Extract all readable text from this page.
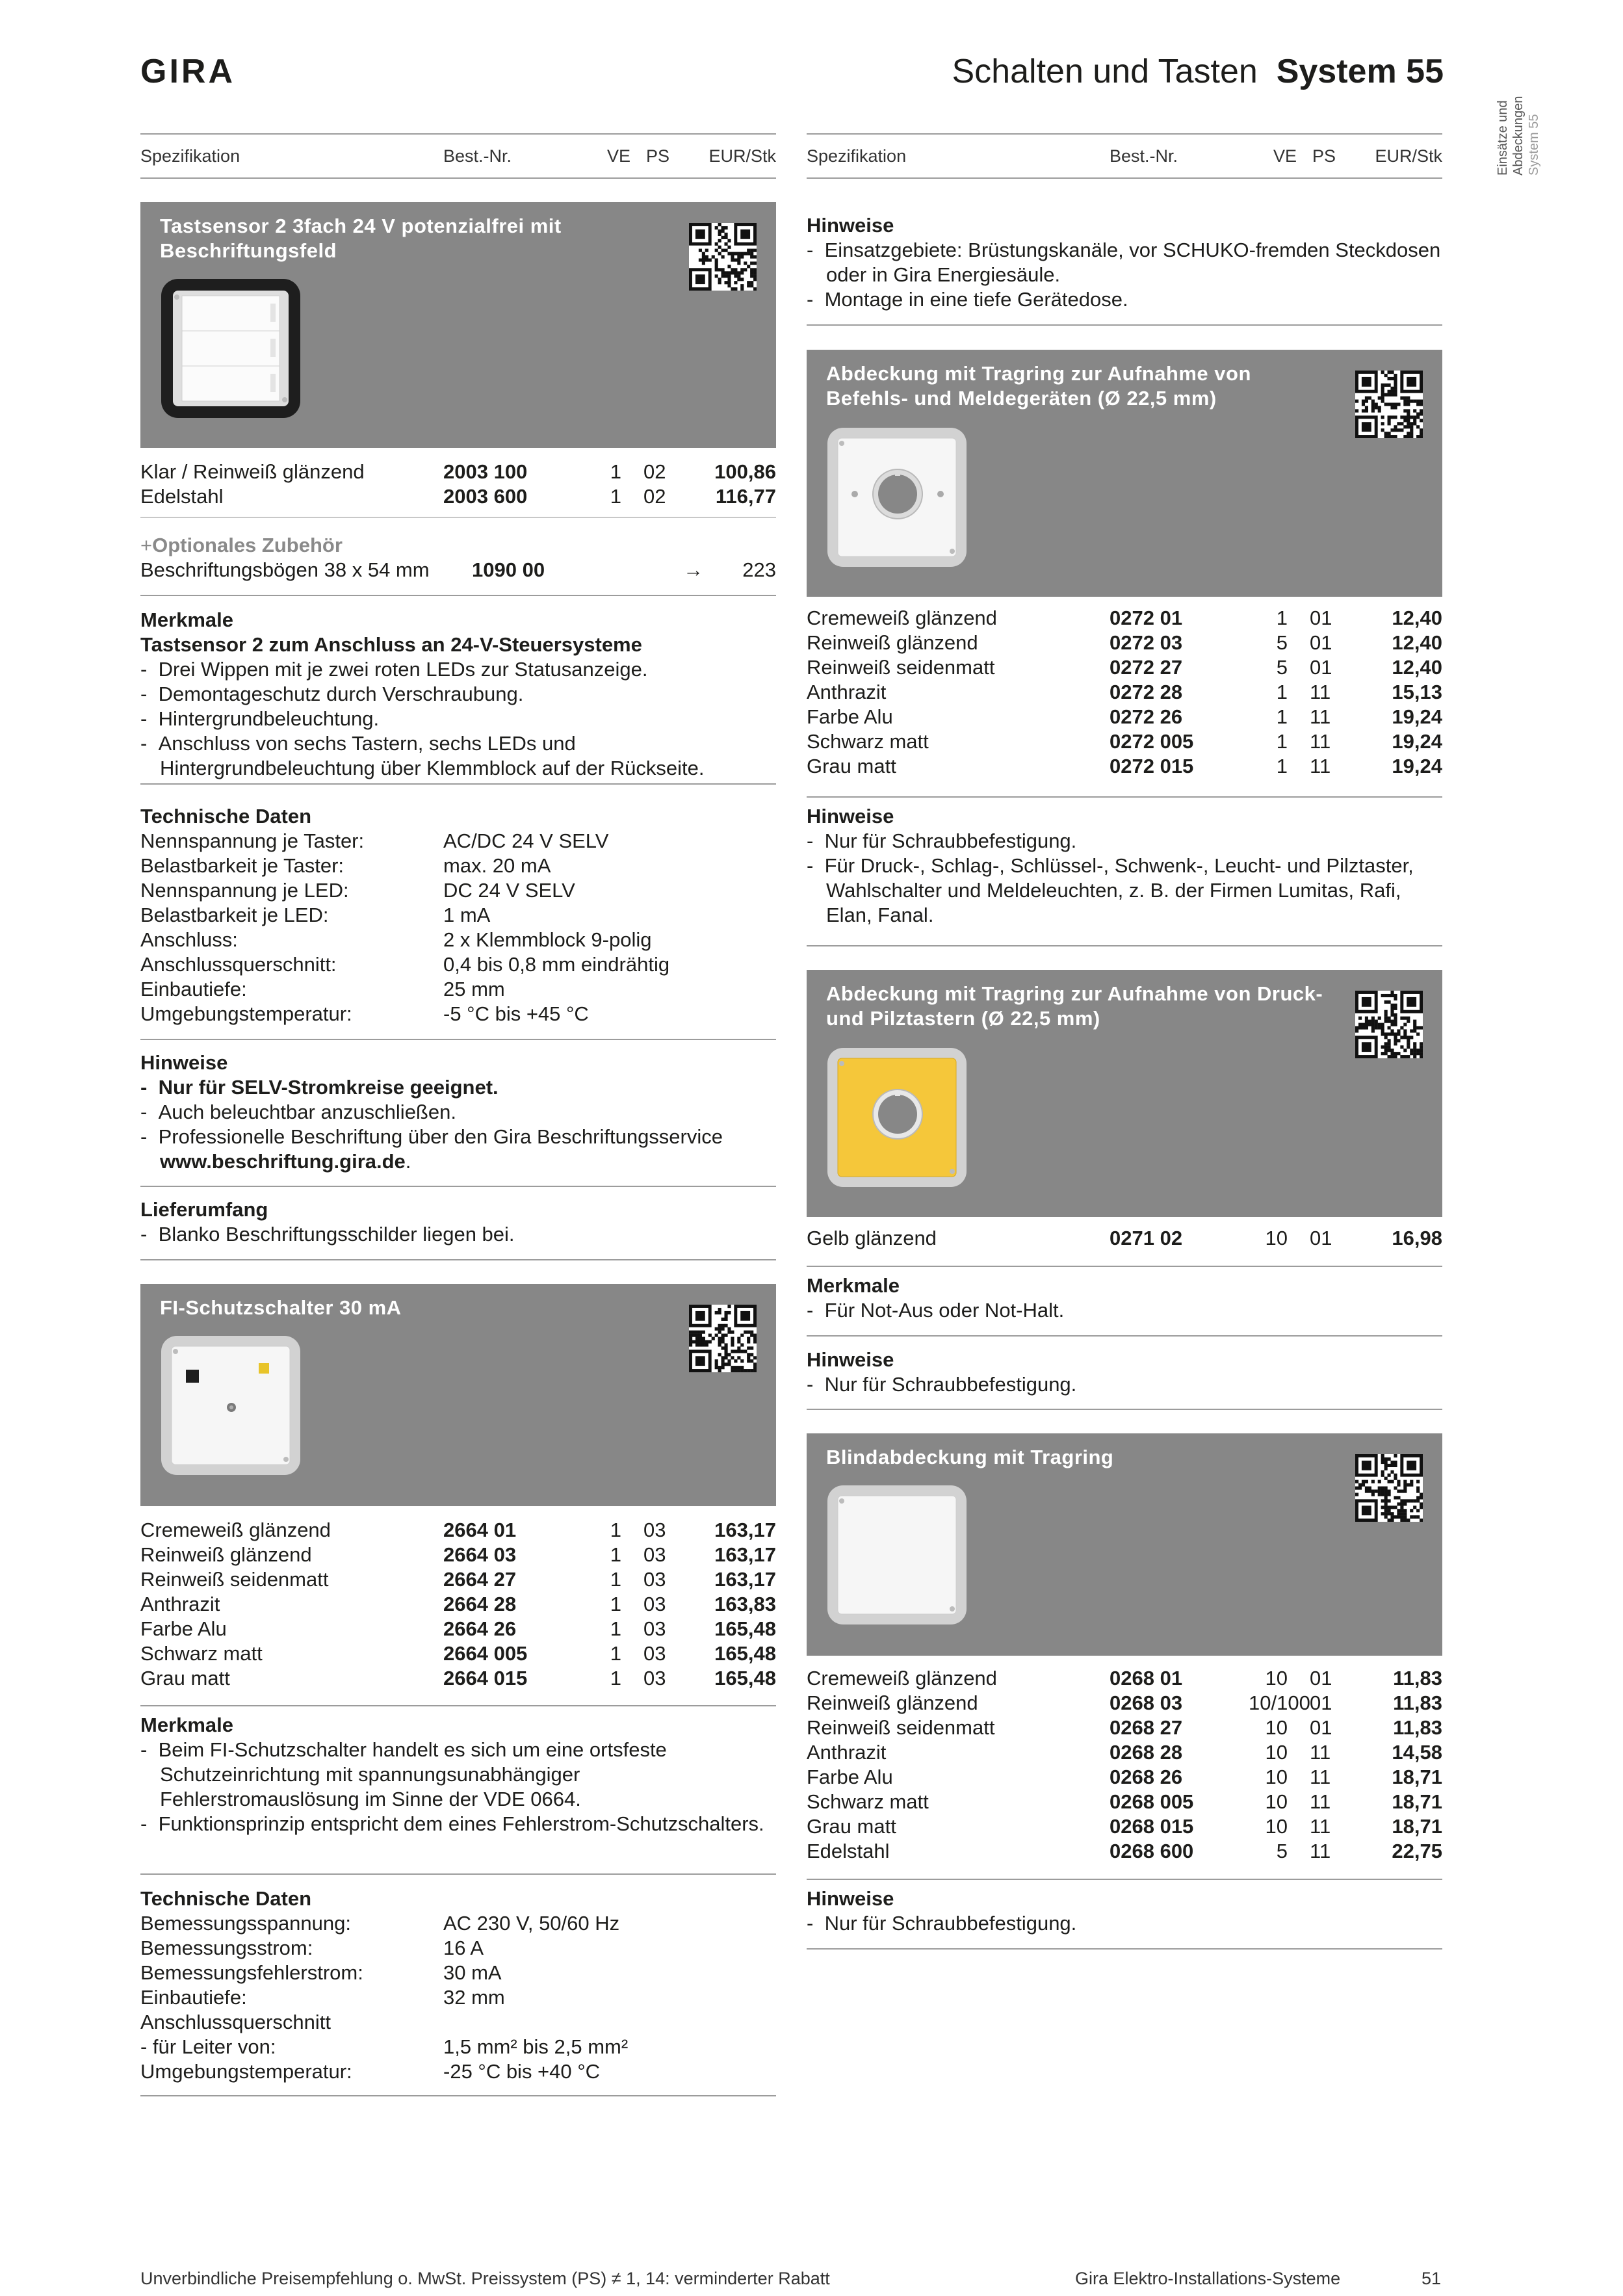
GIRA	Schalten und Tasten System 55
Einsätze und Abdeckungen System 55
Spezifikation	Best.-Nr.	VE PS EUR/Stk
Tastsensor 2 3fach 24 V potenzialfrei mit Beschriftungsfeld
Klar / Reinweiß glänzend	2003 100	1 02 100,86
Edelstahl	2003 600	1 02 116,77
+Optionales Zubehör
Beschriftungsbögen 38 x 54 mm 1090 00	→ 223
Merkmale
Tastsensor 2 zum Anschluss an 24-V-Steuersysteme
-  Drei Wippen mit je zwei roten LEDs zur Statusanzeige.
-  Demontageschutz durch Verschraubung.
-  Hintergrundbeleuchtung.
-  Anschluss von sechs Tastern, sechs LEDs und Hintergrundbeleuchtung über Klemmblock auf der Rückseite.
Technische Daten
Nennspannung je Taster:	AC/DC 24 V SELV
Belastbarkeit je Taster:	max. 20 mA
Nennspannung je LED:	DC 24 V SELV
Belastbarkeit je LED:	1 mA
Anschluss:	2 x Klemmblock 9-polig
Anschlussquerschnitt:	0,4 bis 0,8 mm eindrähtig
Einbautiefe:	25 mm
Umgebungstemperatur:	-5 °C bis +45 °C
Hinweise
-  Nur für SELV-Stromkreise geeignet.
-  Auch beleuchtbar anzuschließen.
-  Professionelle Beschriftung über den Gira Beschriftungsservice www.beschriftung.gira.de.
Lieferumfang
-  Blanko Beschriftungsschilder liegen bei.
FI-Schutzschalter 30 mA
Cremeweiß glänzend	2664 01	1 03 163,17
Reinweiß glänzend	2664 03	1 03 163,17
Reinweiß seidenmatt	2664 27	1 03 163,17
Anthrazit	2664 28	1 03 163,83
Farbe Alu	2664 26	1 03 165,48
Schwarz matt	2664 005	1 03 165,48
Grau matt	2664 015	1 03 165,48
Merkmale
-  Beim FI-Schutzschalter handelt es sich um eine ortsfeste Schutzeinrichtung mit spannungsunabhängiger Fehlerstromauslösung im Sinne der VDE 0664.
-  Funktionsprinzip entspricht dem eines Fehlerstrom-Schutzschalters.
Technische Daten
Bemessungsspannung:	AC 230 V, 50/60 Hz
Bemessungsstrom:	16 A
Bemessungsfehlerstrom:	30 mA
Einbautiefe:	32 mm
Anschlussquerschnitt
- für Leiter von:	1,5 mm² bis 2,5 mm²
Umgebungstemperatur:	-25 °C bis +40 °C
Spezifikation	Best.-Nr.	VE PS EUR/Stk
Hinweise
-  Einsatzgebiete: Brüstungskanäle, vor SCHUKO-fremden Steckdosen oder in Gira Energiesäule.
-  Montage in eine tiefe Gerätedose.
Abdeckung mit Tragring zur Aufnahme von Befehls- und Meldegeräten (Ø 22,5 mm)
Cremeweiß glänzend	0272 01	1 01	12,40
Reinweiß glänzend	0272 03	5 01	12,40
Reinweiß seidenmatt	0272 27	5 01	12,40
Anthrazit	0272 28	1 11	15,13
Farbe Alu	0272 26	1 11	19,24
Schwarz matt	0272 005	1 11	19,24
Grau matt	0272 015	1 11	19,24
Hinweise
-  Nur für Schraubbefestigung.
-  Für Druck-, Schlag-, Schlüssel-, Schwenk-, Leucht- und Pilztaster, Wahlschalter und Meldeleuchten, z. B. der Firmen Lumitas, Rafi, Elan, Fanal.
Abdeckung mit Tragring zur Aufnahme von Druck- und Pilztastern (Ø 22,5 mm)
Gelb glänzend	0271 02	10 01	16,98
Merkmale
-  Für Not-Aus oder Not-Halt.
Hinweise
-  Nur für Schraubbefestigung.
Blindabdeckung mit Tragring
Cremeweiß glänzend	0268 01	10 01	11,83
Reinweiß glänzend	0268 03	10/100 01	11,83
Reinweiß seidenmatt	0268 27	10 01	11,83
Anthrazit	0268 28	10 11	14,58
Farbe Alu	0268 26	10 11	18,71
Schwarz matt	0268 005	10 11	18,71
Grau matt	0268 015	10 11	18,71
Edelstahl	0268 600	5 11	22,75
Hinweise
-  Nur für Schraubbefestigung.
Unverbindliche Preisempfehlung o. MwSt. Preissystem (PS) ≠ 1, 14: verminderter Rabatt	Gira Elektro-Installations-Systeme	51
